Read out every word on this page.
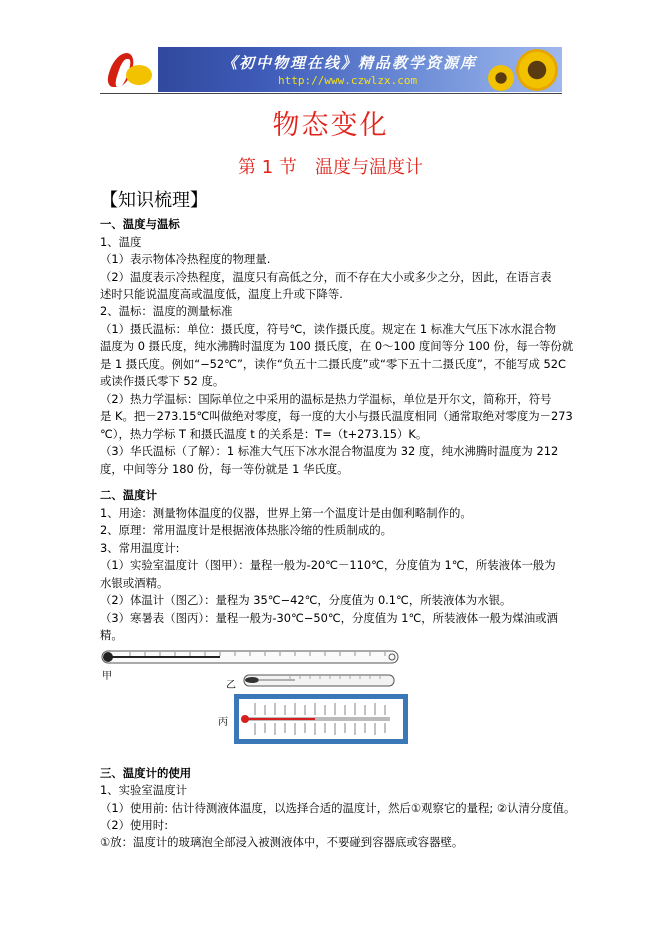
《初中物理在线》精品教学资源库
http://www.czwlzx.com
物态变化
第 1 节　温度与温度计
【知识梳理】
一、温度与温标
1、温度
（1）表示物体冷热程度的物理量.
（2）温度表示冷热程度，温度只有高低之分，而不存在大小或多少之分，因此，在语言表
述时只能说温度高或温度低，温度上升或下降等.
2、温标：温度的测量标准
（1）摄氏温标：单位：摄氏度，符号℃，读作摄氏度。规定在 1 标准大气压下冰水混合物
温度为 0 摄氏度，纯水沸腾时温度为 100 摄氏度，在 0～100 度间等分 100 份，每一等份就
是 1 摄氏度。例如“−52℃”，读作“负五十二摄氏度”或“零下五十二摄氏度”，不能写成 52C
或读作摄氏零下 52 度。
（2）热力学温标：国际单位之中采用的温标是热力学温标，单位是开尔文，简称开，符号
是 K。把－273.15℃叫做绝对零度，每一度的大小与摄氏温度相同（通常取绝对零度为－273
℃），热力学标 T 和摄氏温度 t 的关系是：T=（t+273.15）K。
（3）华氏温标（了解）：1 标准大气压下冰水混合物温度为 32 度，纯水沸腾时温度为 212
度，中间等分 180 份，每一等份就是 1 华氏度。
二、温度计
1、用途：测量物体温度的仪器，世界上第一个温度计是由伽利略制作的。
2、原理：常用温度计是根据液体热胀冷缩的性质制成的。
3、常用温度计:
（1）实验室温度计（图甲）：量程一般为-20℃－110℃，分度值为 1℃，所装液体一般为
水银或酒精。
（2）体温计（图乙）：量程为 35℃−42℃，分度值为 0.1℃，所装液体为水银。
（3）寒暑表（图丙）：量程一般为-30℃−50℃，分度值为 1℃，所装液体一般为煤油或酒
精。
甲
乙
丙
三、温度计的使用
1、实验室温度计
（1）使用前: 估计待测液体温度，以选择合适的温度计，然后①观察它的量程; ②认清分度值。
（2）使用时:
①放：温度计的玻璃泡全部浸入被测液体中，不要碰到容器底或容器壁。
